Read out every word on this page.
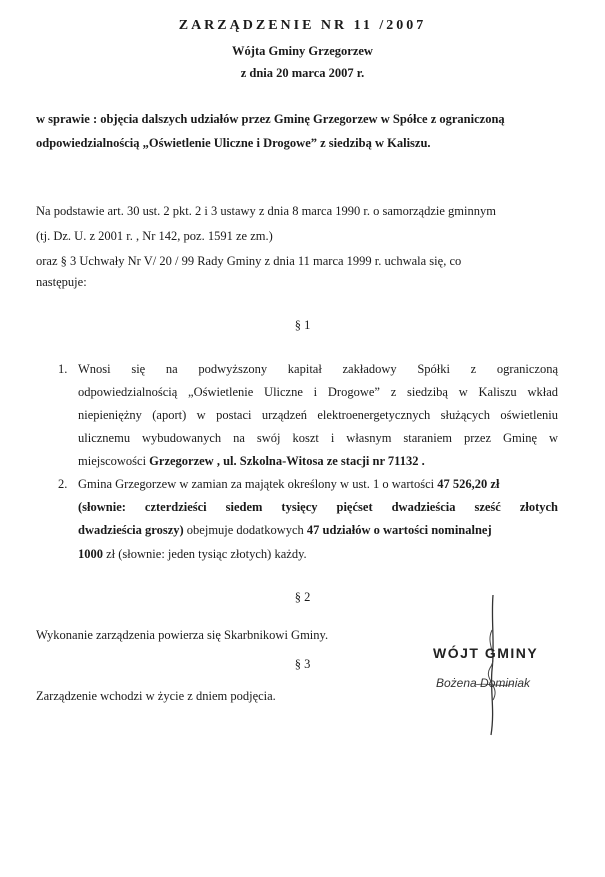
ZARZĄDZENIE NR 11 /2007
Wójta Gminy Grzegorzew
z dnia 20 marca 2007 r.
w sprawie : objęcia dalszych udziałów przez Gminę Grzegorzew w Spółce z ograniczoną
odpowiedzialnością „Oświetlenie Uliczne i Drogowe” z siedzibą w Kaliszu.
Na podstawie art. 30 ust. 2 pkt. 2 i 3 ustawy z dnia 8 marca 1990 r. o samorządzie gminnym
(tj. Dz. U. z 2001 r. , Nr 142, poz. 1591 ze zm.)
oraz § 3 Uchwały Nr V/ 20 / 99 Rady Gminy z dnia 11 marca 1999 r. uchwala się, co
następuje:
§ 1
1. Wnosi się na podwyższony kapitał zakładowy Spółki z ograniczoną
odpowiedzialnością „Oświetlenie Uliczne i Drogowe” z siedzibą w Kaliszu wkład
niepieniężny (aport) w postaci urządzeń elektroenergetycznych służących oświetleniu
ulicznemu wybudowanych na swój koszt i własnym staraniem przez Gminę w
miejscowości Grzegorzew , ul. Szkolna-Witosa ze stacji nr 71132 .
2. Gmina Grzegorzew w zamian za majątek określony w ust. 1 o wartości 47 526,20 zł
(słownie: czterdzieści siedem tysięcy pięćset dwadzieścia sześć złotych
dwadzieścia groszy) obejmuje dodatkowych 47 udziałów o wartości nominalnej
1000 zł (słownie: jeden tysiąc złotych) każdy.
§ 2
Wykonanie zarządzenia powierza się Skarbnikowi Gminy.
§ 3
Zarządzenie wchodzi w życie z dniem podjęcia.
WÓJT GMINY
Bożena Dominiak
